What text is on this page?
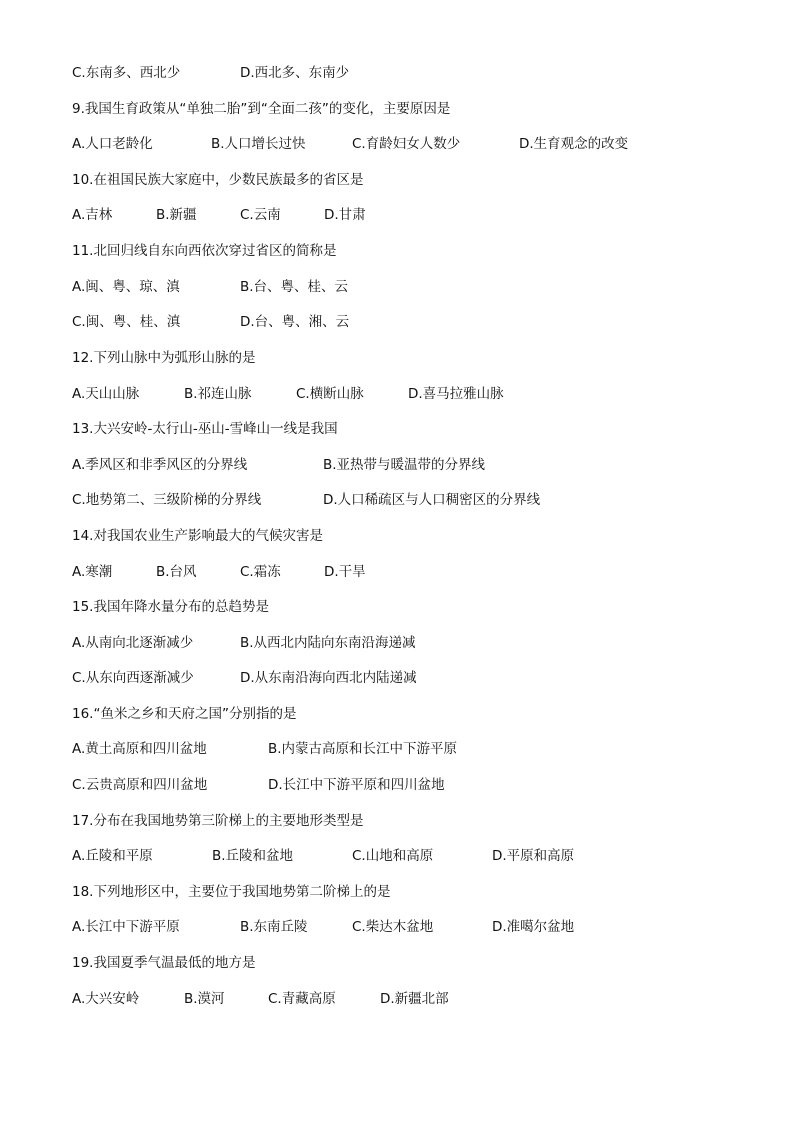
C.东南多、西北少	D.西北多、东南少
9.我国生育政策从“单独二胎”到“全面二孩”的变化，主要原因是
A.人口老龄化	B.人口增长过快	C.育龄妇女人数少	D.生育观念的改变
10.在祖国民族大家庭中，少数民族最多的省区是
A.吉林	B.新疆	C.云南	D.甘肃
11.北回归线自东向西依次穿过省区的简称是
A.闽、粤、琼、滇	B.台、粤、桂、云
C.闽、粤、桂、滇	D.台、粤、湘、云
12.下列山脉中为弧形山脉的是
A.天山山脉	B.祁连山脉	C.横断山脉	D.喜马拉雅山脉
13.大兴安岭-太行山-巫山-雪峰山一线是我国
A.季风区和非季风区的分界线	B.亚热带与暖温带的分界线
C.地势第二、三级阶梯的分界线	D.人口稀疏区与人口稠密区的分界线
14.对我国农业生产影响最大的气候灾害是
A.寒潮	B.台风	C.霜冻	D.干旱
15.我国年降水量分布的总趋势是
A.从南向北逐渐减少	B.从西北内陆向东南沿海递减
C.从东向西逐渐减少	D.从东南沿海向西北内陆递减
16.“鱼米之乡和天府之国”分别指的是
A.黄土高原和四川盆地	B.内蒙古高原和长江中下游平原
C.云贵高原和四川盆地	D.长江中下游平原和四川盆地
17.分布在我国地势第三阶梯上的主要地形类型是
A.丘陵和平原	B.丘陵和盆地	C.山地和高原	D.平原和高原
18.下列地形区中，主要位于我国地势第二阶梯上的是
A.长江中下游平原	B.东南丘陵	C.柴达木盆地	D.准噶尔盆地
19.我国夏季气温最低的地方是
A.大兴安岭	B.漠河	C.青藏高原	D.新疆北部
